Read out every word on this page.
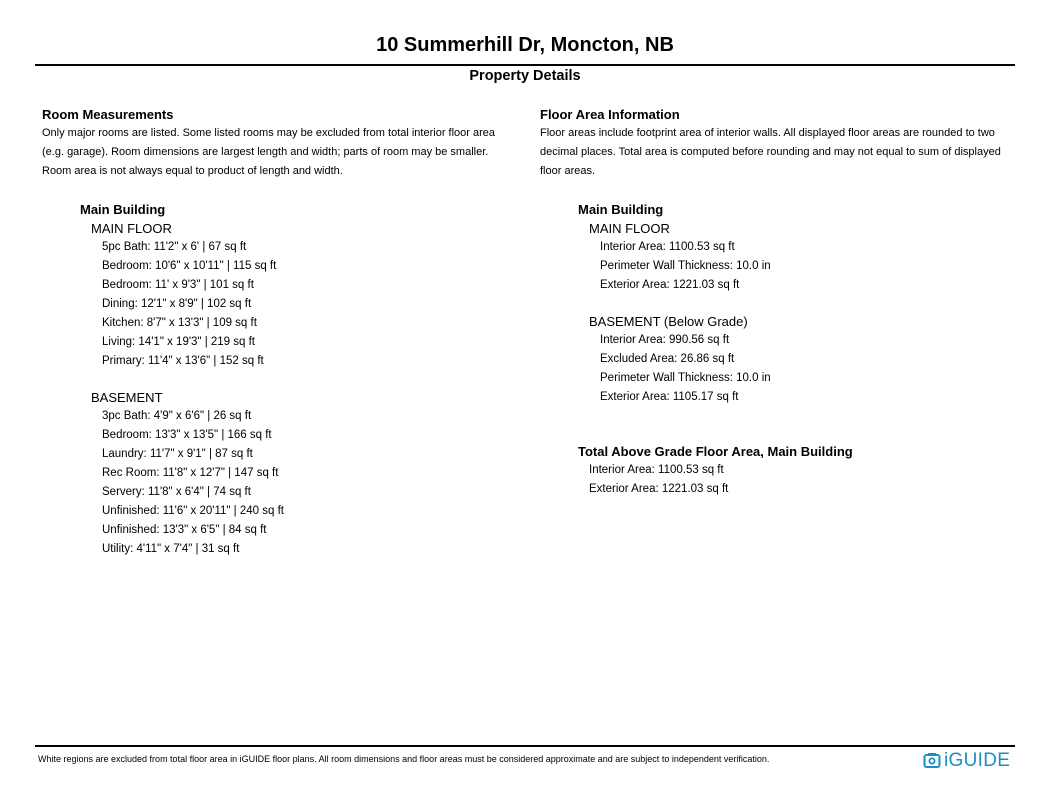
10 Summerhill Dr, Moncton, NB
Property Details
Room Measurements
Only major rooms are listed. Some listed rooms may be excluded from total interior floor area
(e.g. garage). Room dimensions are largest length and width; parts of room may be smaller.
Room area is not always equal to product of length and width.
Main Building
MAIN FLOOR
5pc Bath: 11'2" x 6' | 67 sq ft
Bedroom: 10'6" x 10'11" | 115 sq ft
Bedroom: 11' x 9'3" | 101 sq ft
Dining: 12'1" x 8'9" | 102 sq ft
Kitchen: 8'7" x 13'3" | 109 sq ft
Living: 14'1" x 19'3" | 219 sq ft
Primary: 11'4" x 13'6" | 152 sq ft
BASEMENT
3pc Bath: 4'9" x 6'6" | 26 sq ft
Bedroom: 13'3" x 13'5" | 166 sq ft
Laundry: 11'7" x 9'1" | 87 sq ft
Rec Room: 11'8" x 12'7" | 147 sq ft
Servery: 11'8" x 6'4" | 74 sq ft
Unfinished: 11'6" x 20'11" | 240 sq ft
Unfinished: 13'3" x 6'5" | 84 sq ft
Utility: 4'11" x 7'4" | 31 sq ft
Floor Area Information
Floor areas include footprint area of interior walls. All displayed floor areas are rounded to two
decimal places. Total area is computed before rounding and may not equal to sum of displayed
floor areas.
Main Building
MAIN FLOOR
Interior Area: 1100.53 sq ft
Perimeter Wall Thickness: 10.0 in
Exterior Area: 1221.03 sq ft
BASEMENT (Below Grade)
Interior Area: 990.56 sq ft
Excluded Area: 26.86 sq ft
Perimeter Wall Thickness: 10.0 in
Exterior Area: 1105.17 sq ft
Total Above Grade Floor Area, Main Building
Interior Area: 1100.53 sq ft
Exterior Area: 1221.03 sq ft
White regions are excluded from total floor area in iGUIDE floor plans. All room dimensions and floor areas must be considered approximate and are subject to independent verification.	iGUIDE
